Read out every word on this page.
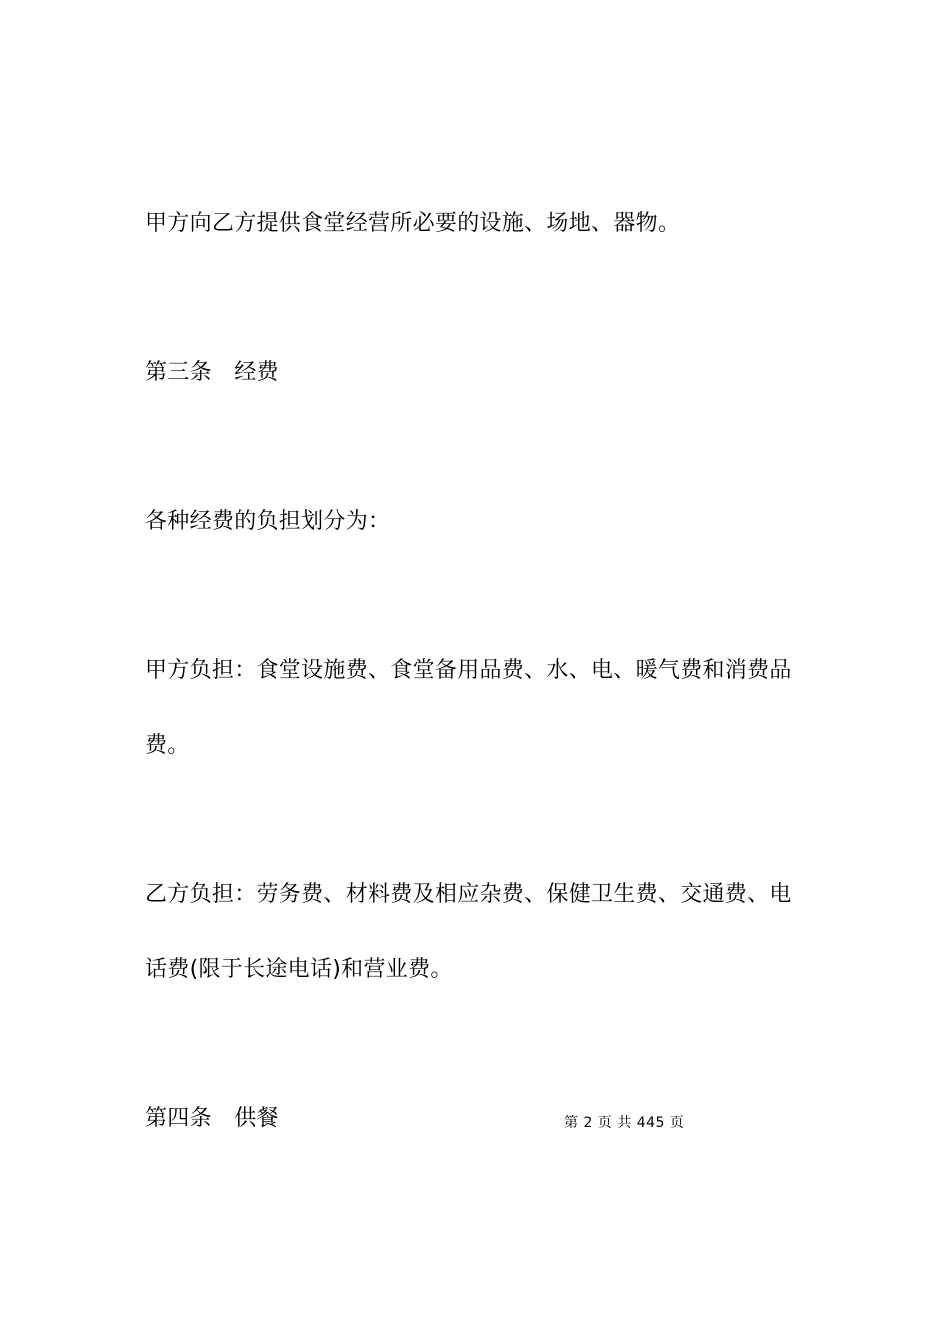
甲方向乙方提供食堂经营所必要的设施、场地、器物。
第三条　经费
各种经费的负担划分为：
甲方负担：食堂设施费、食堂备用品费、水、电、暖气费和消费品
费。
乙方负担：劳务费、材料费及相应杂费、保健卫生费、交通费、电
话费(限于长途电话)和营业费。
第四条　供餐	第 2 页 共 445 页
